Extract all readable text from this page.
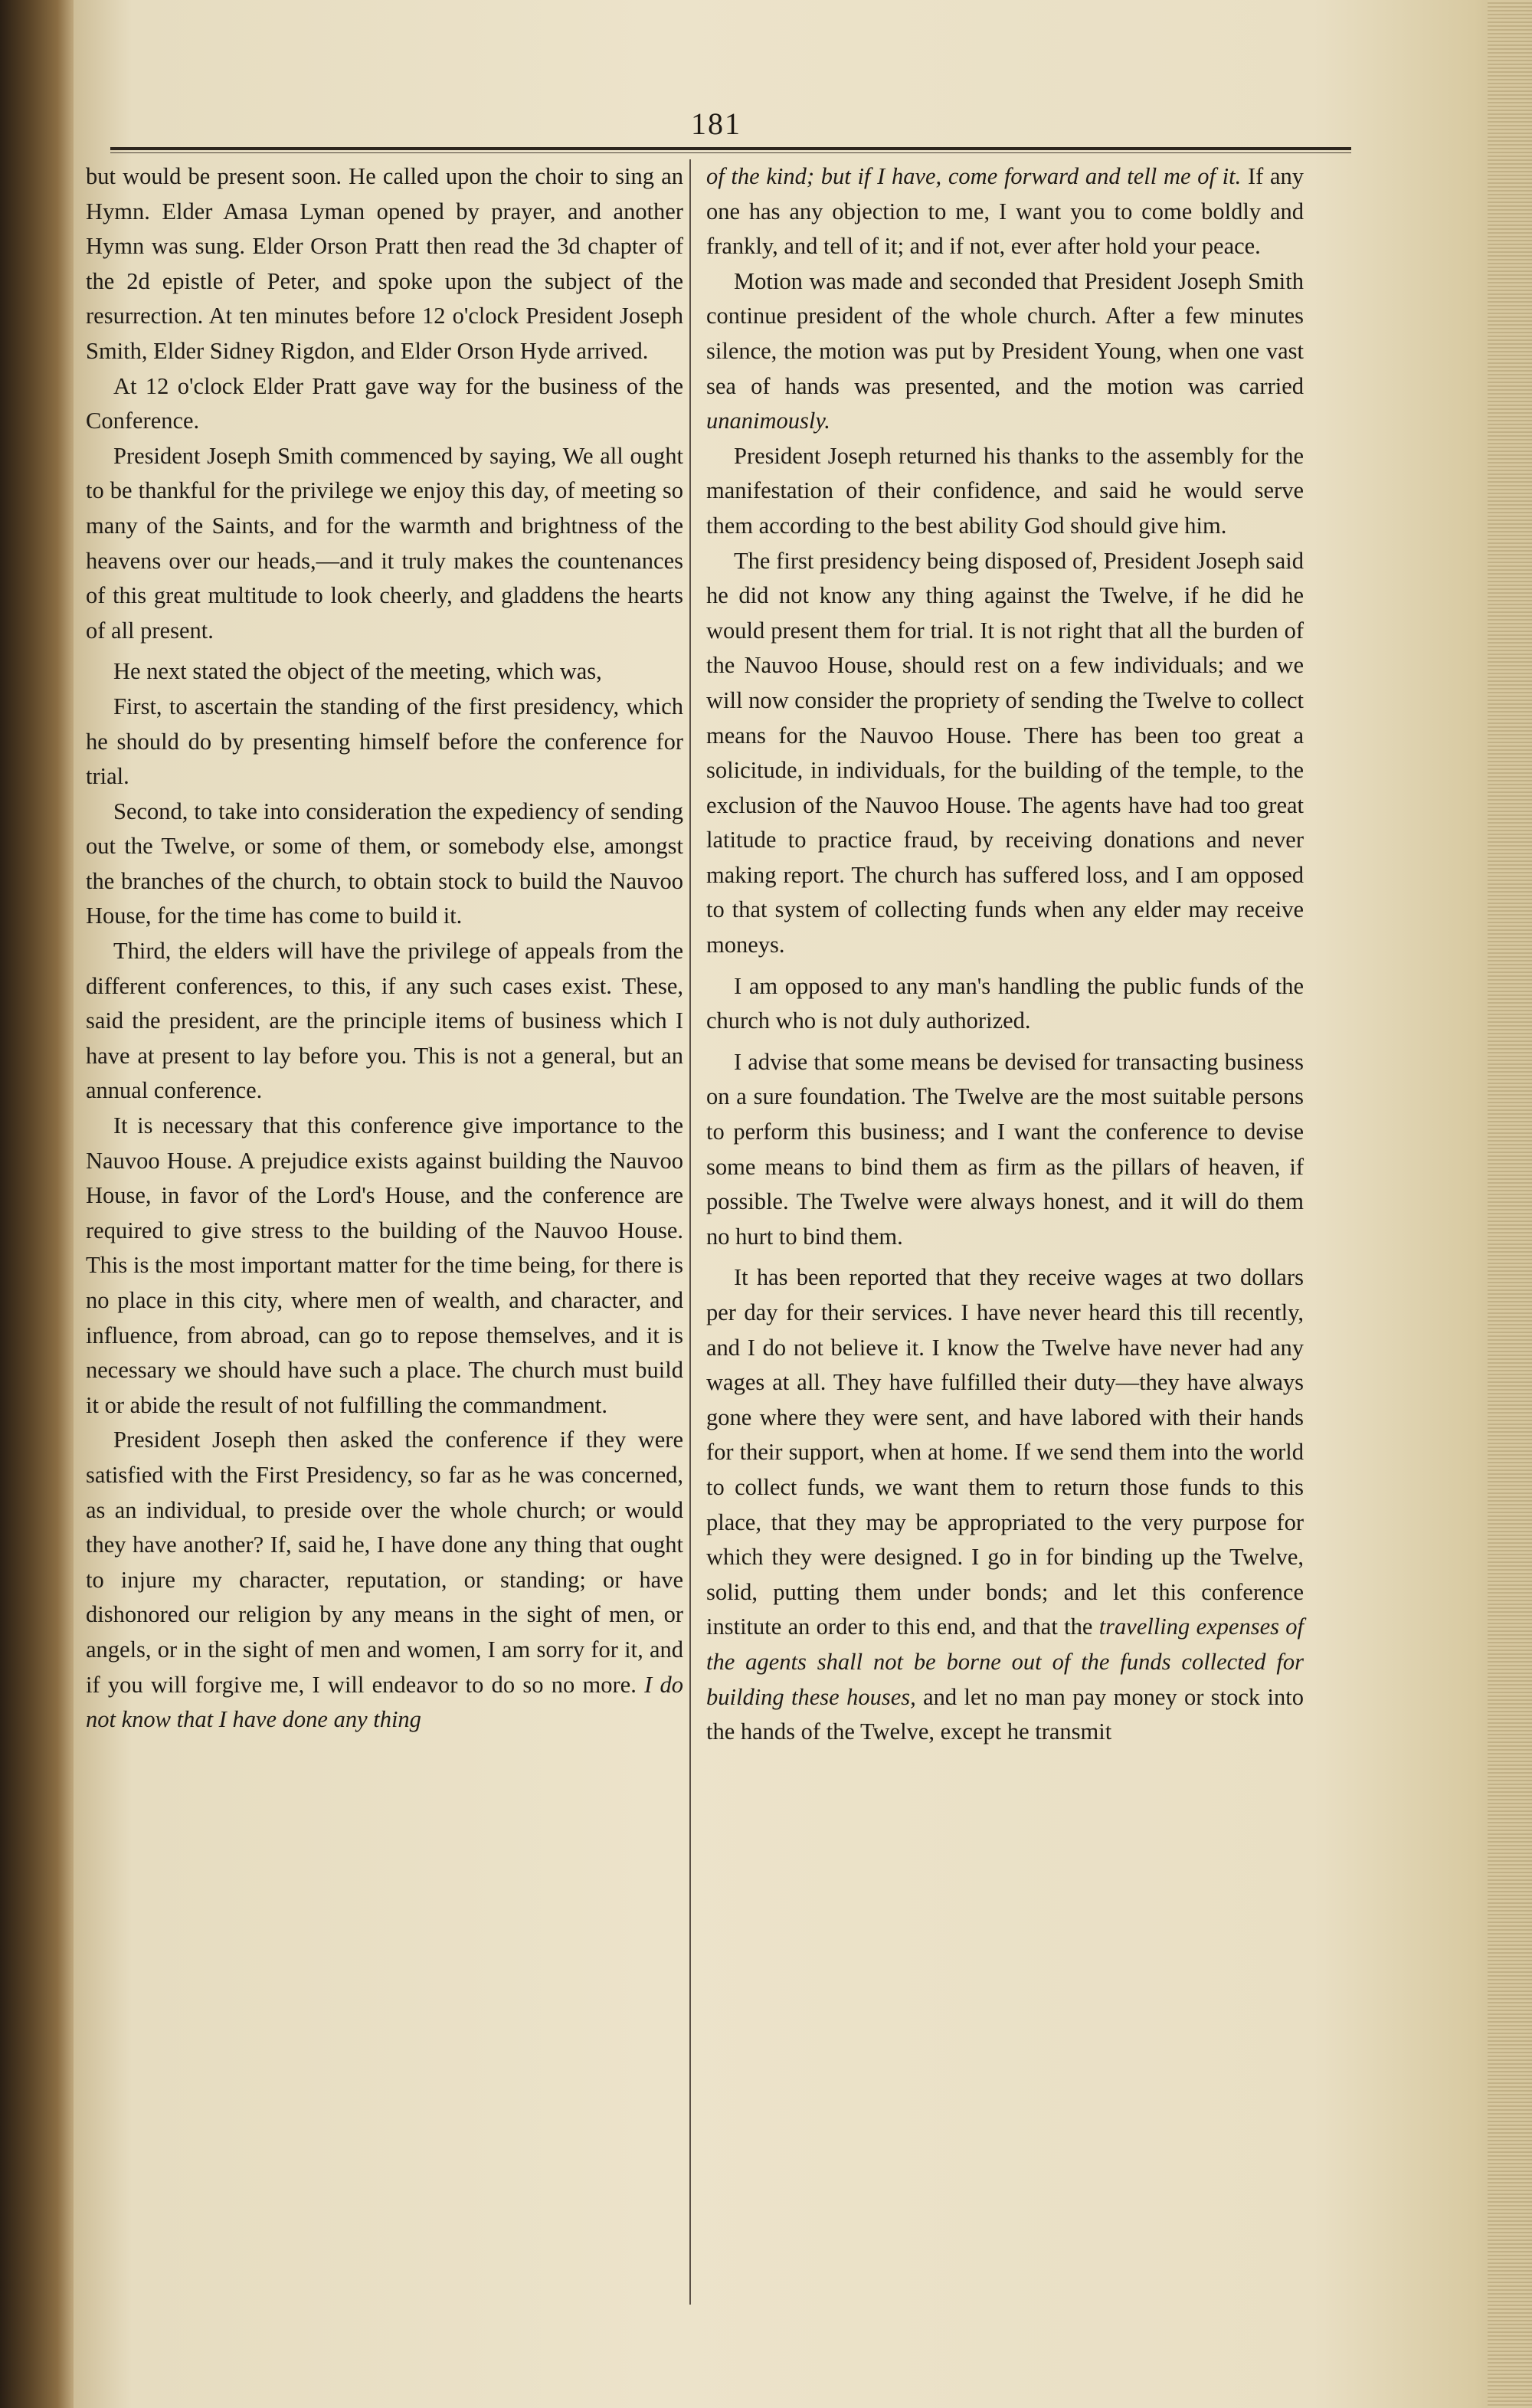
181

but would be present soon. He called upon the choir to sing an Hymn. Elder Amasa Lyman opened by prayer, and another Hymn was sung. Elder Orson Pratt then read the 3d chapter of the 2d epistle of Peter, and spoke upon the subject of the resurrection. At ten minutes before 12 o'clock President Joseph Smith, Elder Sidney Rigdon, and Elder Orson Hyde arrived.

At 12 o'clock Elder Pratt gave way for the business of the Conference.

President Joseph Smith commenced by saying, We all ought to be thankful for the privilege we enjoy this day, of meeting so many of the Saints, and for the warmth and brightness of the heavens over our heads,—and it truly makes the countenances of this great multitude to look cheerly, and gladdens the hearts of all present.

He next stated the object of the meeting, which was,

First, to ascertain the standing of the first presidency, which he should do by presenting himself before the conference for trial.

Second, to take into consideration the expediency of sending out the Twelve, or some of them, or somebody else, amongst the branches of the church, to obtain stock to build the Nauvoo House, for the time has come to build it.

Third, the elders will have the privilege of appeals from the different conferences, to this, if any such cases exist. These, said the president, are the principle items of business which I have at present to lay before you. This is not a general, but an annual conference.

It is necessary that this conference give importance to the Nauvoo House. A prejudice exists against building the Nauvoo House, in favor of the Lord's House, and the conference are required to give stress to the building of the Nauvoo House. This is the most important matter for the time being, for there is no place in this city, where men of wealth, and character, and influence, from abroad, can go to repose themselves, and it is necessary we should have such a place. The church must build it or abide the result of not fulfilling the commandment.

President Joseph then asked the conference if they were satisfied with the First Presidency, so far as he was concerned, as an individual, to preside over the whole church; or would they have another? If, said he, I have done any thing that ought to injure my character, reputation, or standing; or have dishonored our religion by any means in the sight of men, or angels, or in the sight of men and women, I am sorry for it, and if you will forgive me, I will endeavor to do so no more. I do not know that I have done any thing

of the kind; but if I have, come forward and tell me of it. If any one has any objection to me, I want you to come boldly and frankly, and tell of it; and if not, ever after hold your peace.

Motion was made and seconded that President Joseph Smith continue president of the whole church. After a few minutes silence, the motion was put by President Young, when one vast sea of hands was presented, and the motion was carried unanimously.

President Joseph returned his thanks to the assembly for the manifestation of their confidence, and said he would serve them according to the best ability God should give him.

The first presidency being disposed of, President Joseph said he did not know any thing against the Twelve, if he did he would present them for trial. It is not right that all the burden of the Nauvoo House, should rest on a few individuals; and we will now consider the propriety of sending the Twelve to collect means for the Nauvoo House. There has been too great a solicitude, in individuals, for the building of the temple, to the exclusion of the Nauvoo House. The agents have had too great latitude to practice fraud, by receiving donations and never making report. The church has suffered loss, and I am opposed to that system of collecting funds when any elder may receive moneys.

I am opposed to any man's handling the public funds of the church who is not duly authorized.

I advise that some means be devised for transacting business on a sure foundation. The Twelve are the most suitable persons to perform this business; and I want the conference to devise some means to bind them as firm as the pillars of heaven, if possible. The Twelve were always honest, and it will do them no hurt to bind them.

It has been reported that they receive wages at two dollars per day for their services. I have never heard this till recently, and I do not believe it. I know the Twelve have never had any wages at all. They have fulfilled their duty—they have always gone where they were sent, and have labored with their hands for their support, when at home. If we send them into the world to collect funds, we want them to return those funds to this place, that they may be appropriated to the very purpose for which they were designed. I go in for binding up the Twelve, solid, putting them under bonds; and let this conference institute an order to this end, and that the travelling expenses of the agents shall not be borne out of the funds collected for building these houses, and let no man pay money or stock into the hands of the Twelve, except he transmit
